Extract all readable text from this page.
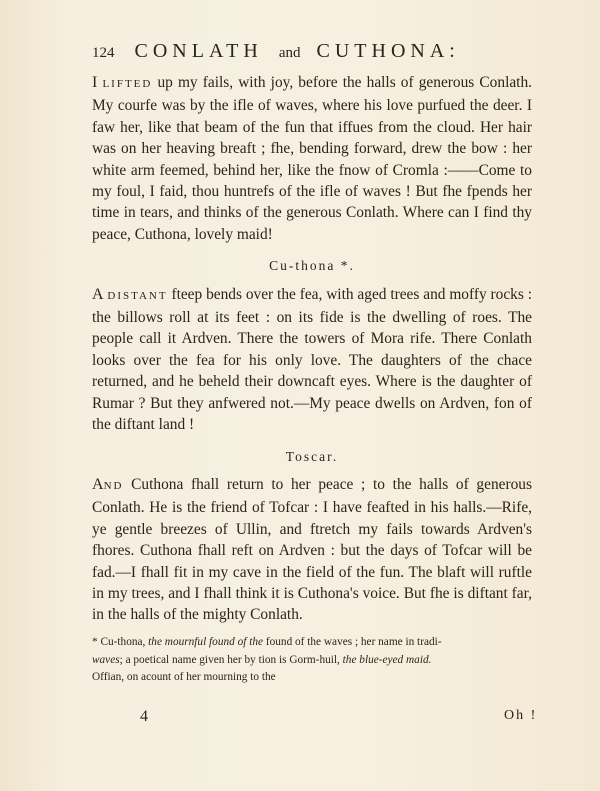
124 CONLATH and CUTHONA:

I LIFTED up my fails, with joy, before the halls of generous Conlath. My courfe was by the ifle of waves, where his love purfued the deer. I faw her, like that beam of the fun that iffues from the cloud. Her hair was on her heaving breaft ; fhe, bending forward, drew the bow : her white arm feemed, behind her, like the fnow of Cromla :——Come to my foul, I faid, thou huntrefs of the ifle of waves ! But fhe fpends her time in tears, and thinks of the generous Conlath. Where can I find thy peace, Cuthona, lovely maid!

Cu-thona *.

A DISTANT fteep bends over the fea, with aged trees and moffy rocks : the billows roll at its feet : on its fide is the dwelling of roes. The people call it Ardven. There the towers of Mora rife. There Conlath looks over the fea for his only love. The daughters of the chace returned, and he beheld their downcaft eyes. Where is the daughter of Rumar ? But they anfwered not.—My peace dwells on Ardven, fon of the diftant land !

Toscar.

AND Cuthona fhall return to her peace ; to the halls of generous Conlath. He is the friend of Tofcar : I have feafted in his halls.—Rife, ye gentle breezes of Ullin, and ftretch my fails towards Ardven's fhores. Cuthona fhall reft on Ardven : but the days of Tofcar will be fad.—I fhall fit in my cave in the field of the fun. The blaft will ruftle in my trees, and I fhall think it is Cuthona's voice. But fhe is diftant far, in the halls of the mighty Conlath.

* Cu-thona, the mournful found of the found of the waves ; her name in tradi-

waves; a poetical name given her by tion is Gorm-huil, the blue-eyed maid.

Offian, on acount of her mourning to the

4	Oh !
